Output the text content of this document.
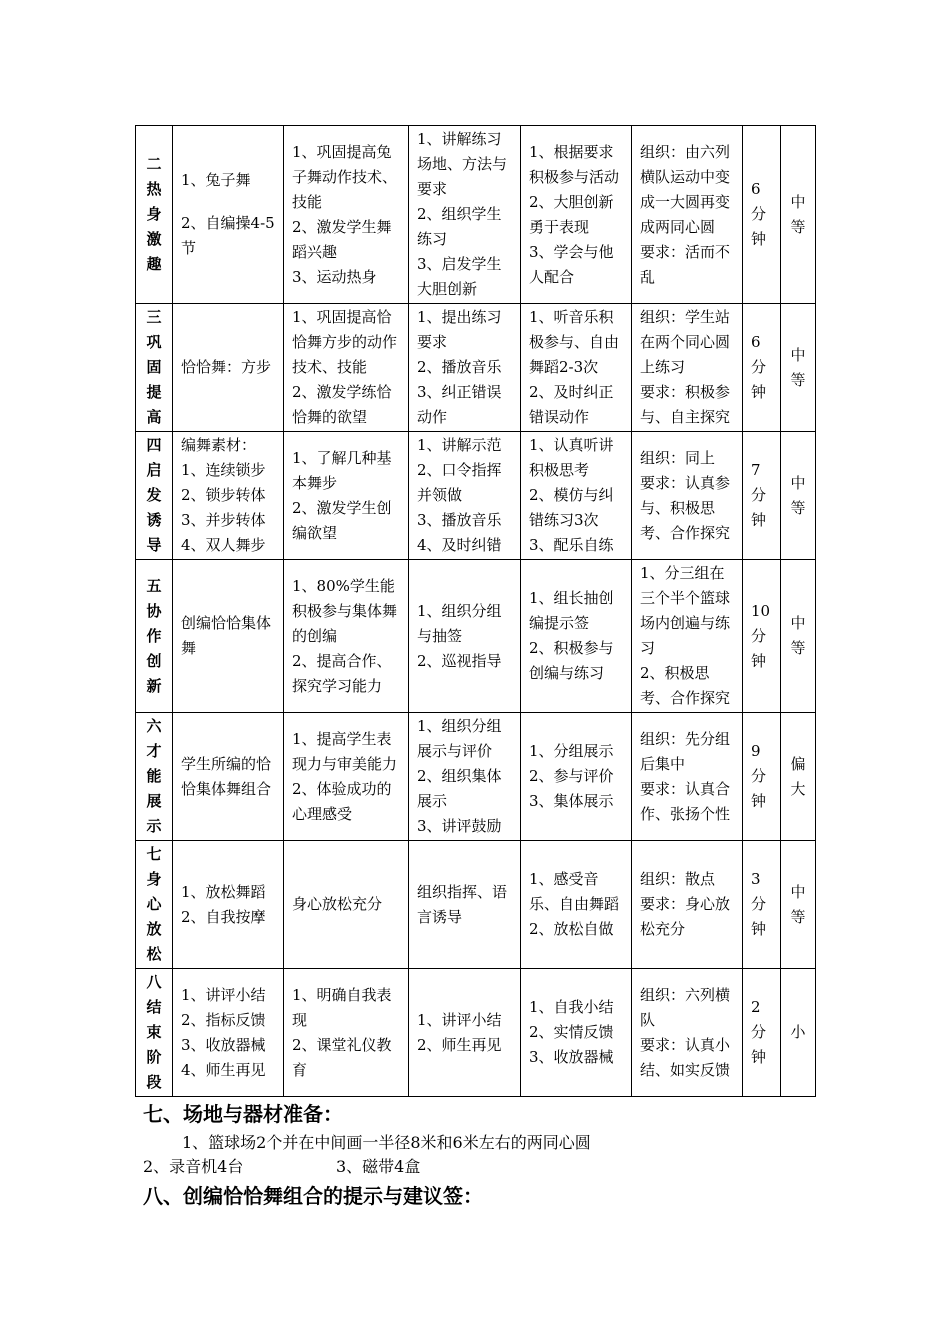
二
热
身
激
趣	1、兔子舞
2、自编操4-5节	1、巩固提高兔子舞动作技术、技能
2、激发学生舞蹈兴趣
3、运动热身	1、讲解练习场地、方法与要求
2、组织学生练习
3、启发学生大胆创新	1、根据要求积极参与活动
2、大胆创新勇于表现
3、学会与他人配合	组织：由六列横队运动中变成一大圆再变成两同心圆
要求：活而不乱	6分钟	中等

三
巩
固
提
高	恰恰舞：方步	1、巩固提高恰恰舞方步的动作技术、技能
2、激发学练恰恰舞的欲望	1、提出练习要求
2、播放音乐
3、纠正错误动作	1、听音乐积极参与、自由舞蹈2-3次
2、及时纠正错误动作	组织：学生站在两个同心圆上练习
要求：积极参与、自主探究	6分钟	中等

四
启
发
诱
导	编舞素材：
1、连续锁步
2、锁步转体
3、并步转体
4、双人舞步	1、了解几种基本舞步
2、激发学生创编欲望	1、讲解示范
2、口令指挥并领做
3、播放音乐
4、及时纠错	1、认真听讲积极思考
2、模仿与纠错练习3次
3、配乐自练	组织：同上
要求：认真参与、积极思考、合作探究	7分钟	中等

五
协
作
创
新	创编恰恰集体舞	1、80%学生能积极参与集体舞的创编
2、提高合作、探究学习能力	1、组织分组与抽签
2、巡视指导	1、组长抽创编提示签
2、积极参与创编与练习	1、分三组在三个半个篮球场内创遍与练习
2、积极思考、合作探究	10分钟	中等

六
才
能
展
示	学生所编的恰恰集体舞组合	1、提高学生表现力与审美能力
2、体验成功的心理感受	1、组织分组展示与评价
2、组织集体展示
3、讲评鼓励	1、分组展示
2、参与评价
3、集体展示	组织：先分组后集中
要求：认真合作、张扬个性	9分钟	偏大

七
身
心
放
松	1、放松舞蹈
2、自我按摩	身心放松充分	组织指挥、语言诱导	1、感受音乐、自由舞蹈
2、放松自做	组织：散点
要求：身心放松充分	3分钟	中等

八
结
束
阶
段	1、讲评小结
2、指标反馈
3、收放器械
4、师生再见	1、明确自我表现
2、课堂礼仪教育	1、讲评小结
2、师生再见	1、自我小结
2、实情反馈
3、收放器械	组织：六列横队
要求：认真小结、如实反馈	2分钟	小
七、场地与器材准备：

1、篮球场2个并在中间画一半径8米和6米左右的两同心圆

2、录音机4台	3、磁带4盒

八、创编恰恰舞组合的提示与建议签：
